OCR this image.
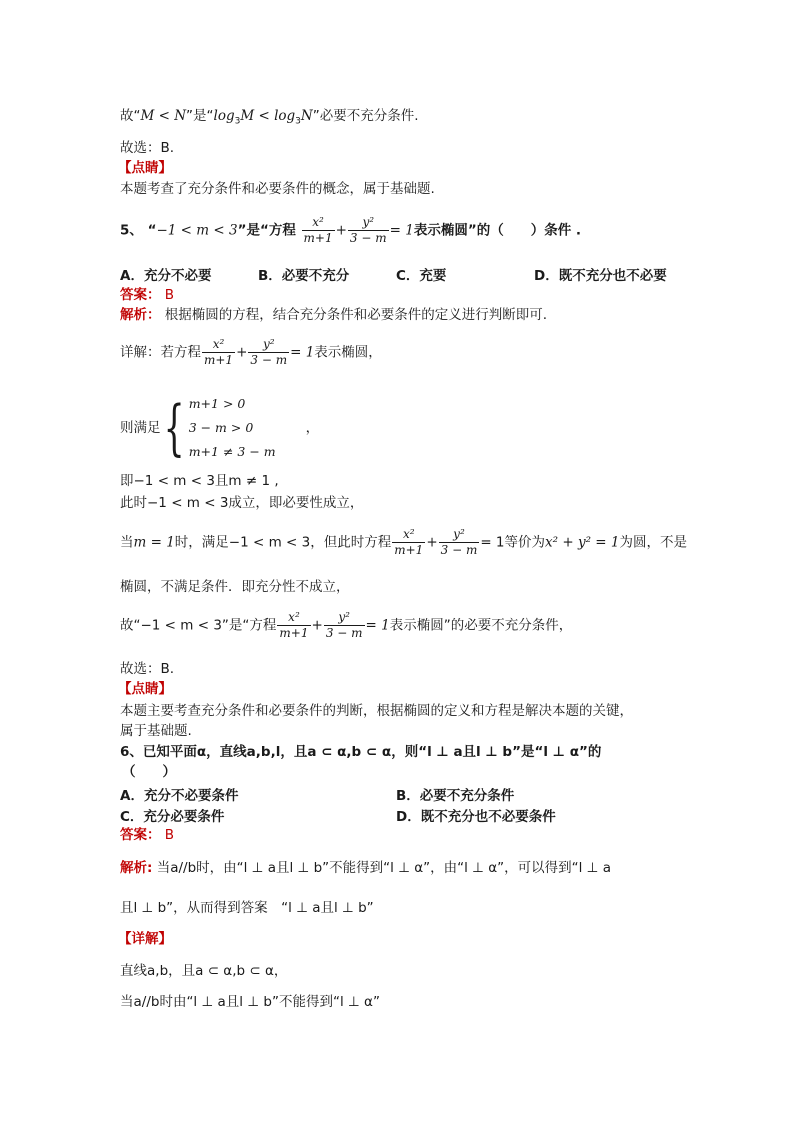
故“M < N”是“$\log_3M < \log_3N$”必要不充分条件.
故选：B.
【点睛】
本题考查了充分条件和必要条件的概念，属于基础题.
5、 “−1 < m < 3”是“方程 $\frac{\text{x²}}{m+1} + \frac{\text{y²}}{3 - m} = 1$表示椭圆”的（　　）条件 .
A．充分不必要	B．必要不充分	C．充要	D．既不充分也不必要
答案： B
解析： 根据椭圆的方程，结合充分条件和必要条件的定义进行判断即可.
详解：若方程 $\frac{\text{x²}}{m+1} + \frac{\text{y²}}{3 - m} = 1$表示椭圆，
则满足{ m+1 > 0
3 − m > 0
m+1 ≠ 3 − m
，
即−1 < m < 3且m ≠ 1 ,
此时−1 < m < 3成立，即必要性成立，
当m = 1时，满足−1 < m < 3，但此时方程 $\frac{\text{x²}}{m+1} + \frac{\text{y²}}{3 - m} = 1$等价为x² + y² = 1为圆，不是
椭圆，不满足条件．即充分性不成立，
故“−1 < m < 3”是“方程 $\frac{\text{x²}}{m+1} + \frac{\text{y²}}{3 - m} = 1$表示椭圆”的必要不充分条件，
故选：B.
【点睛】
本题主要考查充分条件和必要条件的判断，根据椭圆的定义和方程是解决本题的关键，
属于基础题.
6、已知平面α，直线a,b,l，且a ⊂ α,b ⊂ α，则“l ⊥ a且l ⊥ b”是“l ⊥ α”的
（　　）
A．充分不必要条件	B．必要不充分条件
C．充分必要条件	D．既不充分也不必要条件
答案： B
解析: 当a//b时，由“l ⊥ a且l ⊥ b”不能得到“l ⊥ α”，由“l ⊥ α”，可以得到“l ⊥ a
且l ⊥ b”，从而得到答案　“l ⊥ a且l ⊥ b”
【详解】
直线a,b，且a ⊂ α,b ⊂ α，
当a//b时由“l ⊥ a且l ⊥ b”不能得到“l ⊥ α”
